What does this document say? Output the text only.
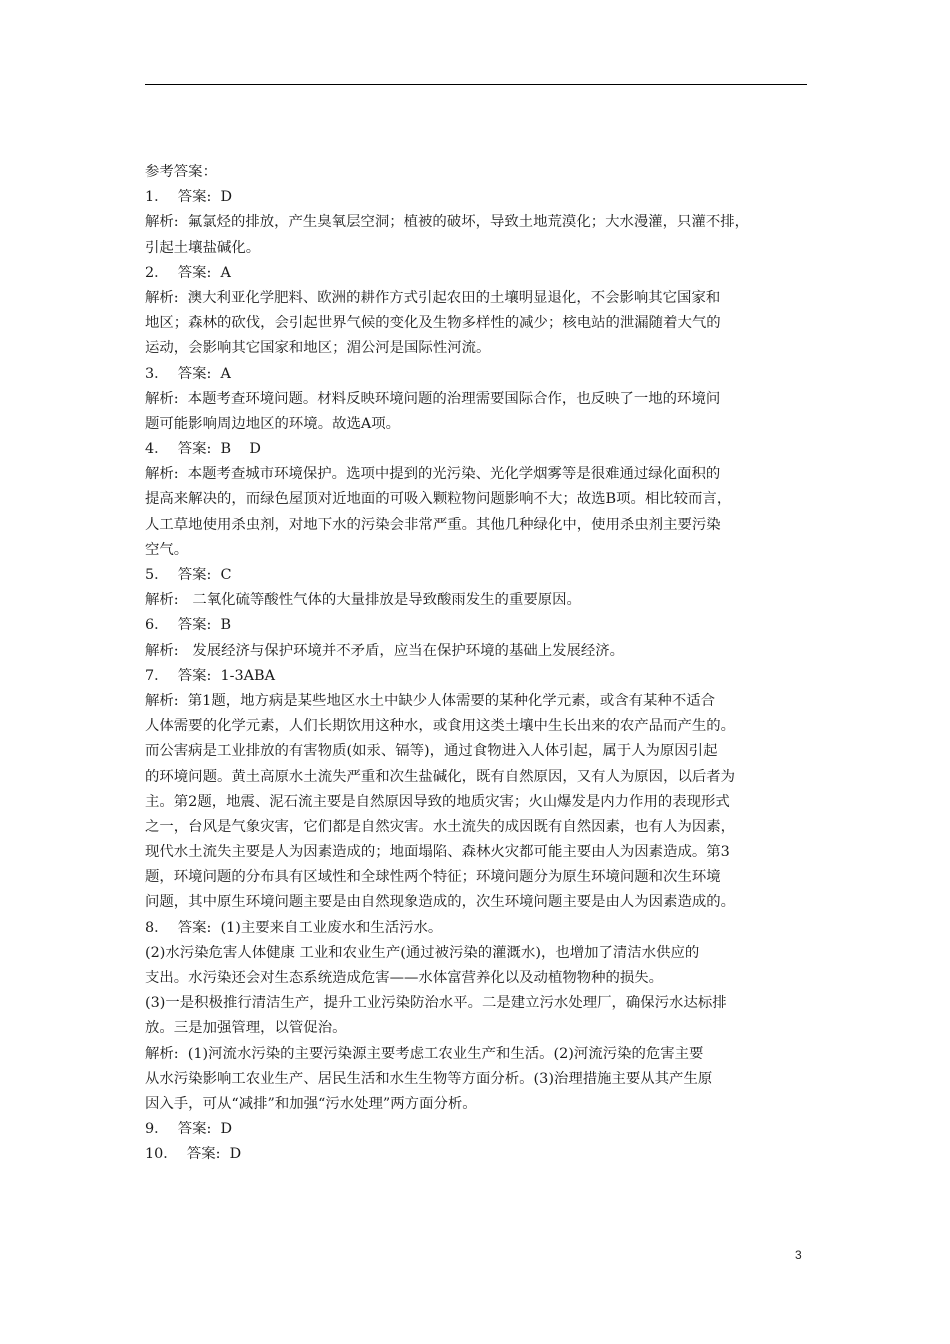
参考答案：
1．  答案:  D
解析:  氟氯烃的排放，产生臭氧层空洞；植被的破坏，导致土地荒漠化；大水漫灌，只灌不排，
引起土壤盐碱化。
2．  答案:  A
解析:  澳大利亚化学肥料、欧洲的耕作方式引起农田的土壤明显退化，不会影响其它国家和
地区；森林的砍伐，会引起世界气候的变化及生物多样性的减少；核电站的泄漏随着大气的
运动，会影响其它国家和地区；湄公河是国际性河流。
3．  答案:  A
解析:  本题考查环境问题。材料反映环境问题的治理需要国际合作，也反映了一地的环境问
题可能影响周边地区的环境。故选A项。
4．  答案:  B    D
解析:  本题考查城市环境保护。选项中提到的光污染、光化学烟雾等是很难通过绿化面积的
提高来解决的，而绿色屋顶对近地面的可吸入颗粒物问题影响不大；故选B项。相比较而言，
人工草地使用杀虫剂，对地下水的污染会非常严重。其他几种绿化中，使用杀虫剂主要污染
空气。
5．  答案:  C
解析:   二氧化硫等酸性气体的大量排放是导致酸雨发生的重要原因。
6．  答案:  B
解析:   发展经济与保护环境并不矛盾，应当在保护环境的基础上发展经济。
7．  答案:  1-3ABA
解析:  第1题，地方病是某些地区水土中缺少人体需要的某种化学元素，或含有某种不适合
人体需要的化学元素，人们长期饮用这种水，或食用这类土壤中生长出来的农产品而产生的。
而公害病是工业排放的有害物质(如汞、镉等)，通过食物进入人体引起，属于人为原因引起
的环境问题。黄土高原水土流失严重和次生盐碱化，既有自然原因，又有人为原因，以后者为
主。第2题，地震、泥石流主要是自然原因导致的地质灾害；火山爆发是内力作用的表现形式
之一，台风是气象灾害，它们都是自然灾害。水土流失的成因既有自然因素，也有人为因素，
现代水土流失主要是人为因素造成的；地面塌陷、森林火灾都可能主要由人为因素造成。第3
题，环境问题的分布具有区域性和全球性两个特征；环境问题分为原生环境问题和次生环境
问题，其中原生环境问题主要是由自然现象造成的，次生环境问题主要是由人为因素造成的。
8．  答案:  (1)主要来自工业废水和生活污水。
(2)水污染危害人体健康 工业和农业生产(通过被污染的灌溉水)，也增加了清洁水供应的
支出。水污染还会对生态系统造成危害——水体富营养化以及动植物物种的损失。
(3)一是积极推行清洁生产，提升工业污染防治水平。二是建立污水处理厂，确保污水达标排
放。三是加强管理，以管促治。
解析:  (1)河流水污染的主要污染源主要考虑工农业生产和生活。(2)河流污染的危害主要
从水污染影响工农业生产、居民生活和水生生物等方面分析。(3)治理措施主要从其产生原
因入手，可从“减排”和加强“污水处理”两方面分析。
9．  答案:  D
10．  答案:  D
3
